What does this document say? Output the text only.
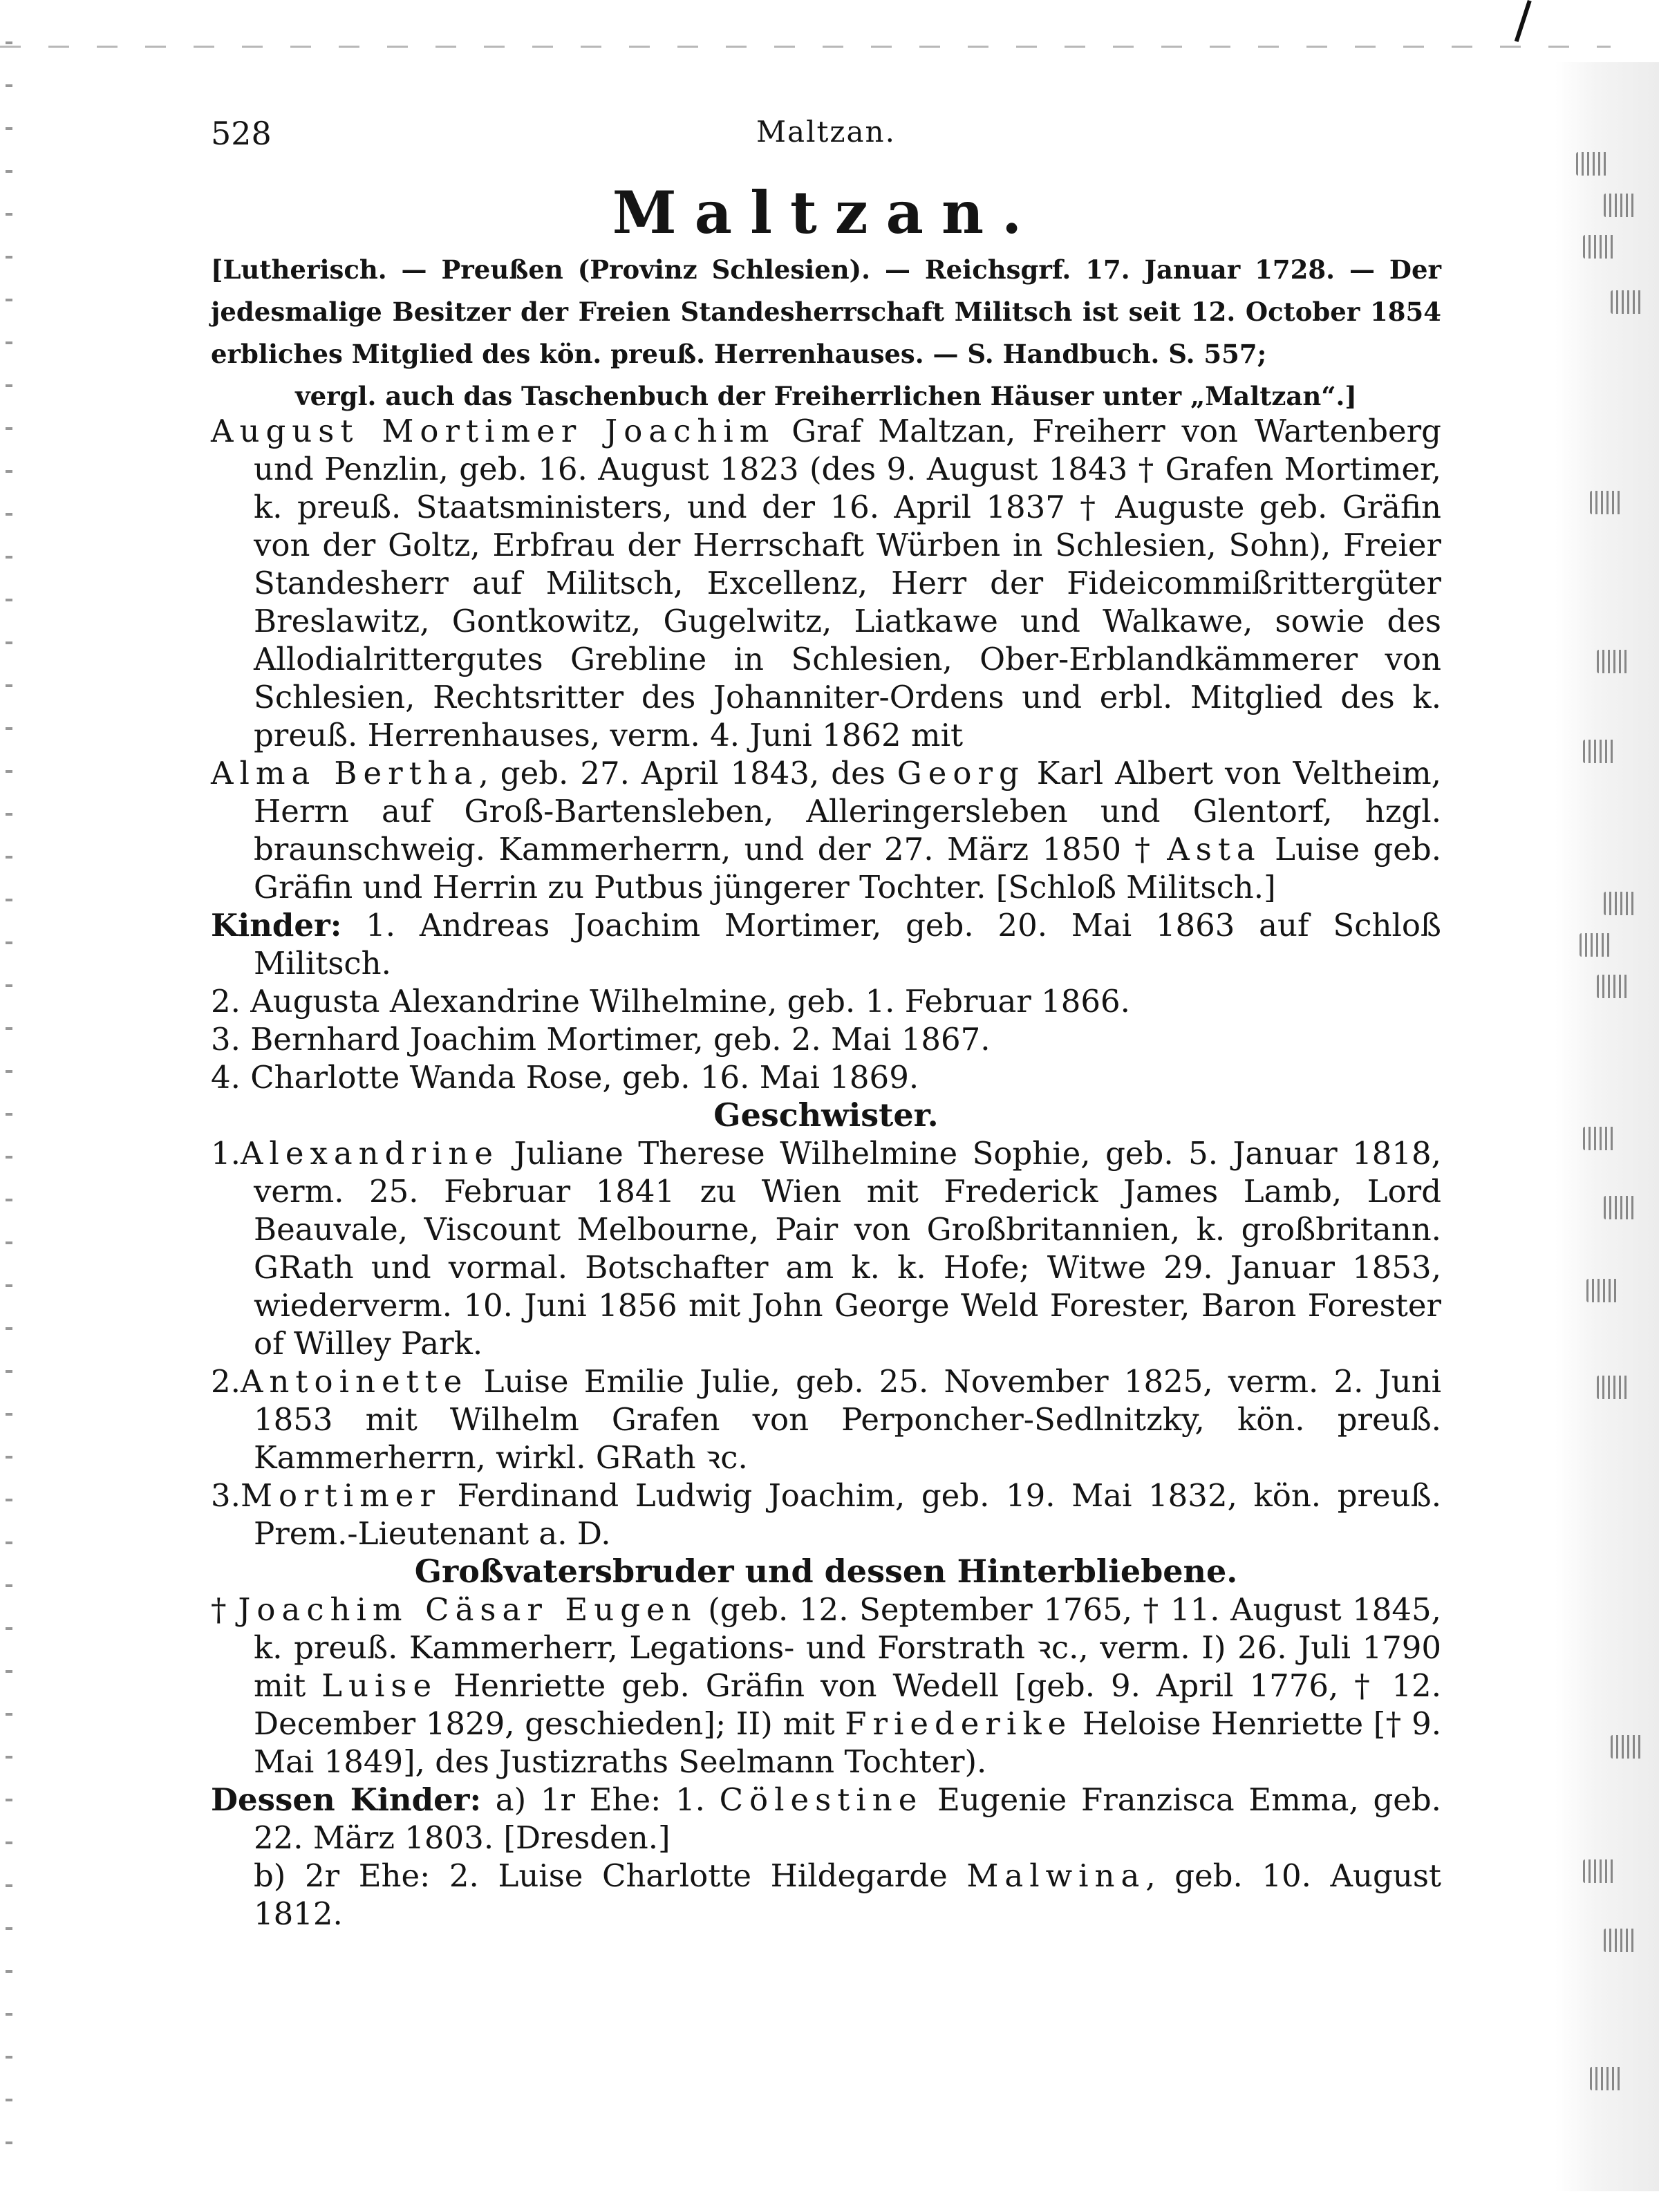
528	Maltzan.
Maltzan.
[Lutherisch. — Preußen (Provinz Schlesien). — Reichsgrf. 17. Januar 1728. — Der jedesmalige Besitzer der Freien Standesherrschaft Militsch ist seit 12. October 1854 erbliches Mitglied des kön. preuß. Herrenhauses. — S. Handbuch. S. 557;
vergl. auch das Taschenbuch der Freiherrlichen Häuser unter „Maltzan“.]

August Mortimer Joachim Graf Maltzan, Freiherr von Wartenberg und Penzlin, geb. 16. August 1823 (des 9. August 1843 † Grafen Mortimer, k. preuß. Staatsministers, und der 16. April 1837 † Auguste geb. Gräfin von der Goltz, Erbfrau der Herrschaft Würben in Schlesien, Sohn), Freier Standesherr auf Militsch, Excellenz, Herr der Fideicommißrittergüter Breslawitz, Gontkowitz, Gugelwitz, Liatkawe und Walkawe, sowie des Allodialrittergutes Grebline in Schlesien, Ober-Erblandkämmerer von Schlesien, Rechtsritter des Johanniter-Ordens und erbl. Mitglied des k. preuß. Herrenhauses, verm. 4. Juni 1862 mit

Alma Bertha, geb. 27. April 1843, des Georg Karl Albert von Veltheim, Herrn auf Groß-Bartensleben, Alleringersleben und Glentorf, hzgl. braunschweig. Kammerherrn, und der 27. März 1850 † Asta Luise geb. Gräfin und Herrin zu Putbus jüngerer Tochter. [Schloß Militsch.]

Kinder: 1. Andreas Joachim Mortimer, geb. 20. Mai 1863 auf Schloß Militsch.

2. Augusta Alexandrine Wilhelmine, geb. 1. Februar 1866.

3. Bernhard Joachim Mortimer, geb. 2. Mai 1867.

4. Charlotte Wanda Rose, geb. 16. Mai 1869.

Geschwister.

1.Alexandrine Juliane Therese Wilhelmine Sophie, geb. 5. Januar 1818, verm. 25. Februar 1841 zu Wien mit Frederick James Lamb, Lord Beauvale, Viscount Melbourne, Pair von Großbritannien, k. großbritann. GRath und vormal. Botschafter am k. k. Hofe; Witwe 29. Januar 1853, wiederverm. 10. Juni 1856 mit John George Weld Forester, Baron Forester of Willey Park.

2.Antoinette Luise Emilie Julie, geb. 25. November 1825, verm. 2. Juni 1853 mit Wilhelm Grafen von Perponcher-Sedlnitzky, kön. preuß. Kammerherrn, wirkl. GRath ꝛc.

3.Mortimer Ferdinand Ludwig Joachim, geb. 19. Mai 1832, kön. preuß. Prem.-Lieutenant a. D.

Großvatersbruder und dessen Hinterbliebene.

† Joachim Cäsar Eugen (geb. 12. September 1765, † 11. August 1845, k. preuß. Kammerherr, Legations- und Forstrath ꝛc., verm. I) 26. Juli 1790 mit Luise Henriette geb. Gräfin von Wedell [geb. 9. April 1776, † 12. December 1829, geschieden]; II) mit Friederike Heloise Henriette [† 9. Mai 1849], des Justizraths Seelmann Tochter).

Dessen Kinder: a) 1r Ehe: 1. Cölestine Eugenie Franzisca Emma, geb. 22. März 1803. [Dresden.]

b) 2r Ehe: 2. Luise Charlotte Hildegarde Malwina, geb. 10. August 1812.
